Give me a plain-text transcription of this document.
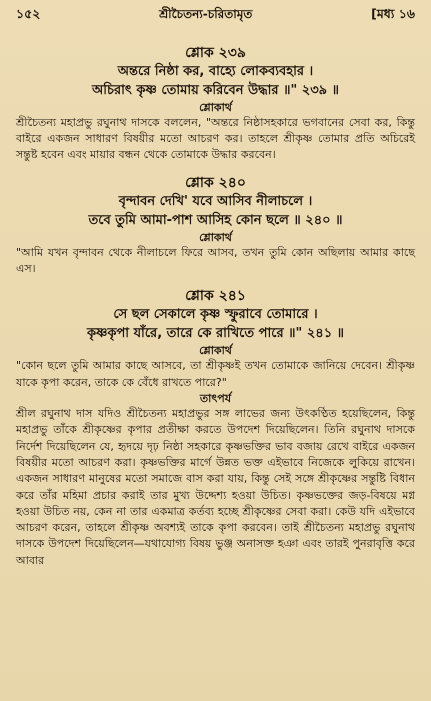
১৫২	শ্রীচৈতন্য-চরিতামৃত	[মধ্য ১৬
শ্লোক ২৩৯
অন্তরে নিষ্ঠা কর, বাহ্যে লোকব্যবহার ।
অচিরাৎ কৃষ্ণ তোমায় করিবেন উদ্ধার ॥" ২৩৯ ॥
শ্লোকার্থ

শ্রীচৈতন্য মহাপ্রভু রঘুনাথ দাসকে বললেন, "অন্তরে নিষ্ঠাসহকারে ভগবানের সেবা কর, কিন্তু বাইরে একজন সাধারণ বিষয়ীর মতো আচরণ কর। তাহলে শ্রীকৃষ্ণ তোমার প্রতি অচিরেই সন্তুষ্ট হবেন এবং মায়ার বন্ধন থেকে তোমাকে উদ্ধার করবেন।

শ্লোক ২৪০
বৃন্দাবন দেখি' যবে আসিব নীলাচলে ।
তবে তুমি আমা-পাশ আসিহ কোন ছলে ॥ ২৪০ ॥
শ্লোকার্থ

"আমি যখন বৃন্দাবন থেকে নীলাচলে ফিরে আসব, তখন তুমি কোন অছিলায় আমার কাছে এস।

শ্লোক ২৪১
সে ছল সেকালে কৃষ্ণ স্ফুরাবে তোমারে ।
কৃষ্ণকৃপা যাঁরে, তারে কে রাখিতে পারে ॥" ২৪১ ॥
শ্লোকার্থ

"কোন ছলে তুমি আমার কাছে আসবে, তা শ্রীকৃষ্ণই তখন তোমাকে জানিয়ে দেবেন। শ্রীকৃষ্ণ যাকে কৃপা করেন, তাকে কে বেঁধে রাখতে পারে?"

তাৎপর্য

শ্রীল রঘুনাথ দাস যদিও শ্রীচৈতন্য মহাপ্রভুর সঙ্গ লাভের জন্য উৎকণ্ঠিত হয়েছিলেন, কিন্তু মহাপ্রভু তাঁকে শ্রীকৃষ্ণের কৃপার প্রতীক্ষা করতে উপদেশ দিয়েছিলেন। তিনি রঘুনাথ দাসকে নির্দেশ দিয়েছিলেন যে, হৃদয়ে দৃঢ় নিষ্ঠা সহকারে কৃষ্ণভক্তির ভাব বজায় রেখে বাইরে একজন বিষয়ীর মতো আচরণ করা। কৃষ্ণভক্তির মার্গে উন্নত ভক্ত এইভাবে নিজেকে লুকিয়ে রাখেন। একজন সাধারণ মানুষের মতো সমাজে বাস করা যায়, কিন্তু সেই সঙ্গে শ্রীকৃষ্ণের সন্তুষ্টি বিধান করে তাঁর মহিমা প্রচার করাই তার মুখ্য উদ্দেশ্য হওয়া উচিত। কৃষ্ণভক্তের জড়-বিষয়ে মগ্ন হওয়া উচিত নয়, কেন না তার একমাত্র কর্তব্য হচ্ছে শ্রীকৃষ্ণের সেবা করা। কেউ যদি এইভাবে আচরণ করেন, তাহলে শ্রীকৃষ্ণ অবশ্যই তাকে কৃপা করবেন। তাই শ্রীচৈতন্য মহাপ্রভু রঘুনাথ দাসকে উপদেশ দিয়েছিলেন—যথাযোগ্য বিষয় ভুঞ্জ অনাসক্ত হঞা এবং তারই পুনরাবৃত্তি করে আবার
